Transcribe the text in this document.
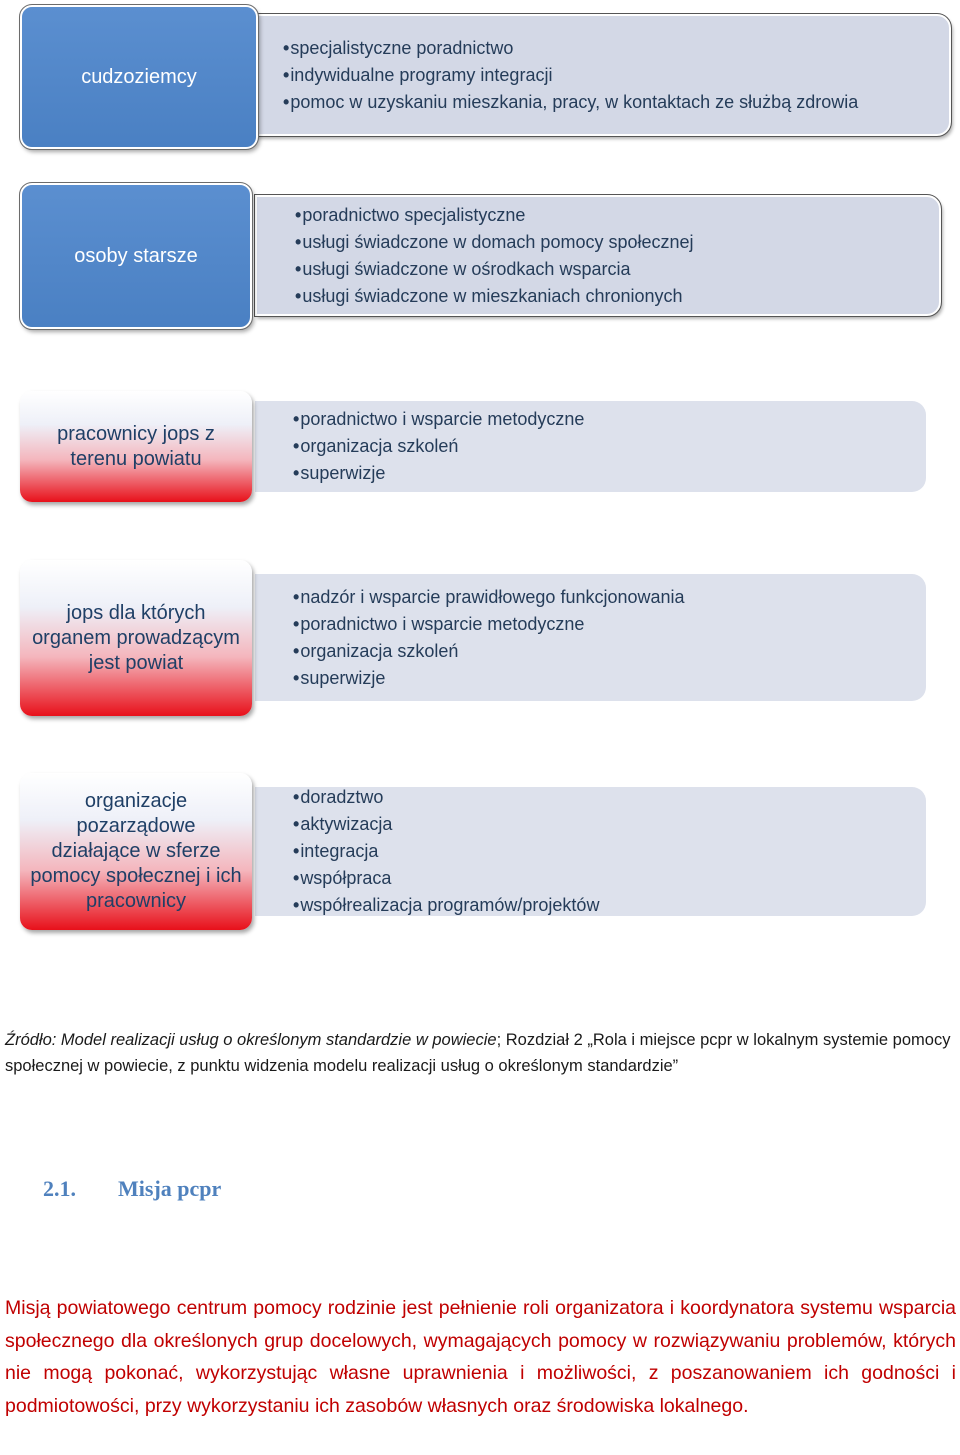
•specjalistyczne poradnictwo
•indywidualne programy integracji
•pomoc w uzyskaniu mieszkania, pracy, w kontaktach ze służbą zdrowia
cudzoziemcy
•poradnictwo specjalistyczne
•usługi świadczone w domach pomocy społecznej
•usługi świadczone w ośrodkach wsparcia
•usługi świadczone w mieszkaniach chronionych
osoby starsze
•poradnictwo i wsparcie metodyczne
•organizacja szkoleń
•superwizje
pracownicy jops z terenu powiatu
•nadzór i wsparcie prawidłowego funkcjonowania
•poradnictwo i wsparcie metodyczne
•organizacja szkoleń
•superwizje
jops dla których organem prowadzącym jest powiat
•doradztwo
•aktywizacja
•integracja
•współpraca
•współrealizacja programów/projektów
organizacje pozarządowe działające w sferze pomocy społecznej i ich pracownicy
Źródło: Model realizacji usług o określonym standardzie w powiecie; Rozdział 2 „Rola i miejsce pcpr w lokalnym systemie pomocy społecznej w powiecie, z punktu widzenia modelu realizacji usług o określonym standardzie”
2.1. Misja pcpr
Misją powiatowego centrum pomocy rodzinie jest pełnienie roli organizatora i koordynatora systemu wsparcia społecznego dla określonych grup docelowych, wymagających pomocy w rozwiązywaniu problemów, których nie mogą pokonać, wykorzystując własne uprawnienia i możliwości, z poszanowaniem ich godności i podmiotowości, przy wykorzystaniu ich zasobów własnych oraz środowiska lokalnego.
